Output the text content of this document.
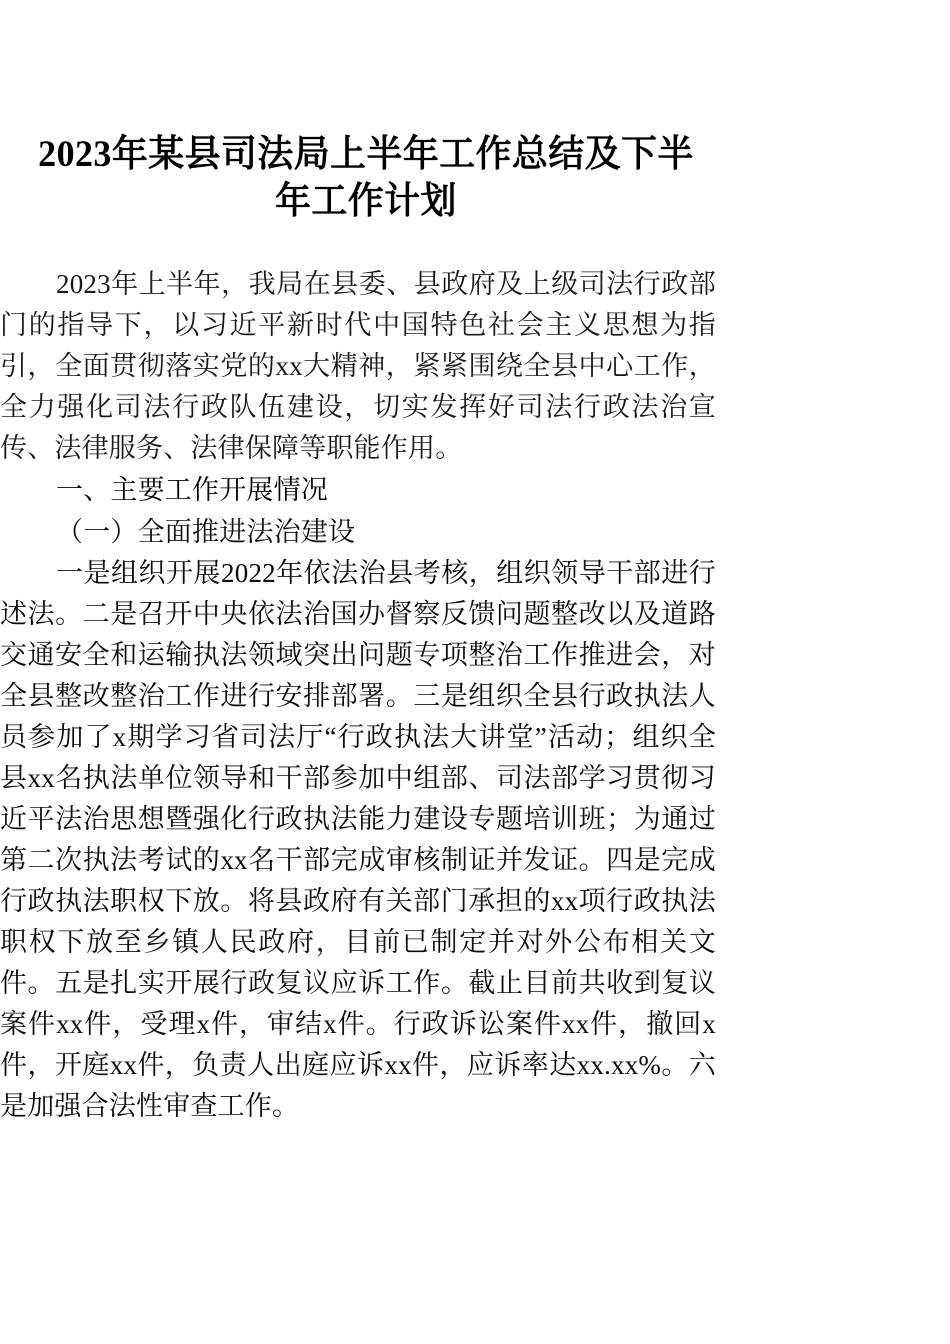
2023年某县司法局上半年工作总结及下半年工作计划

2023年上半年，我局在县委、县政府及上级司法行政部门的指导下，以习近平新时代中国特色社会主义思想为指引，全面贯彻落实党的xx大精神，紧紧围绕全县中心工作，全力强化司法行政队伍建设，切实发挥好司法行政法治宣传、法律服务、法律保障等职能作用。

一、主要工作开展情况

（一）全面推进法治建设

一是组织开展2022年依法治县考核，组织领导干部进行述法。二是召开中央依法治国办督察反馈问题整改以及道路交通安全和运输执法领域突出问题专项整治工作推进会，对全县整改整治工作进行安排部署。三是组织全县行政执法人员参加了x期学习省司法厅“行政执法大讲堂”活动；组织全县xx名执法单位领导和干部参加中组部、司法部学习贯彻习近平法治思想暨强化行政执法能力建设专题培训班；为通过第二次执法考试的xx名干部完成审核制证并发证。四是完成行政执法职权下放。将县政府有关部门承担的xx项行政执法职权下放至乡镇人民政府，目前已制定并对外公布相关文件。五是扎实开展行政复议应诉工作。截止目前共收到复议案件xx件，受理x件，审结x件。行政诉讼案件xx件，撤回x件，开庭xx件，负责人出庭应诉xx件，应诉率达xx.xx%。六是加强合法性审查工作。
